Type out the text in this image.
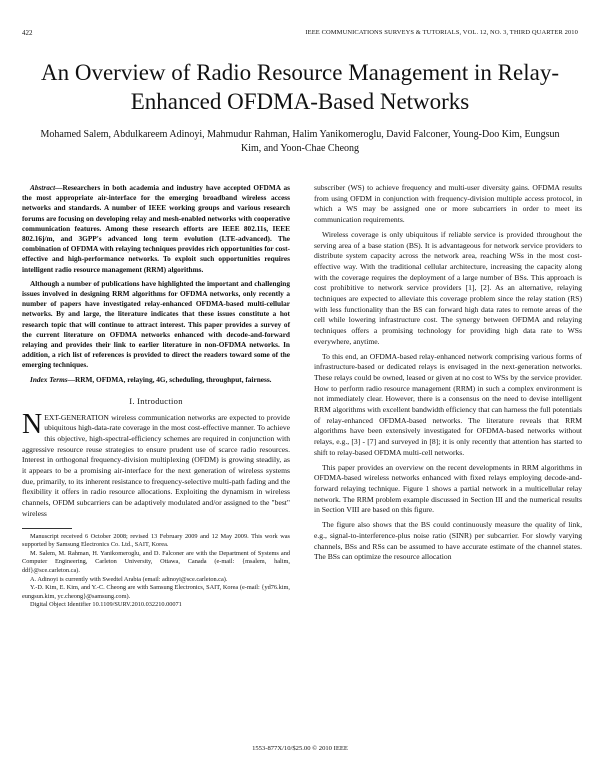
422	IEEE COMMUNICATIONS SURVEYS & TUTORIALS, VOL. 12, NO. 3, THIRD QUARTER 2010
An Overview of Radio Resource Management in Relay-Enhanced OFDMA-Based Networks
Mohamed Salem, Abdulkareem Adinoyi, Mahmudur Rahman, Halim Yanikomeroglu, David Falconer, Young-Doo Kim, Eungsun Kim, and Yoon-Chae Cheong

Abstract—Researchers in both academia and industry have accepted OFDMA as the most appropriate air-interface for the emerging broadband wireless access networks and standards. A number of IEEE working groups and various research forums are focusing on developing relay and mesh-enabled networks with cooperative communication features. Among these research efforts are IEEE 802.11s, IEEE 802.16j/m, and 3GPP's advanced long term evolution (LTE-advanced). The combination of OFDMA with relaying techniques provides rich opportunities for cost-effective and high-performance networks. To exploit such opportunities requires intelligent radio resource management (RRM) algorithms.

Although a number of publications have highlighted the important and challenging issues involved in designing RRM algorithms for OFDMA networks, only recently a number of papers have investigated relay-enhanced OFDMA-based multi-cellular networks. By and large, the literature indicates that these issues constitute a hot research topic that will continue to attract interest. This paper provides a survey of the current literature on OFDMA networks enhanced with decode-and-forward relaying and provides their link to earlier literature in non-OFDMA networks. In addition, a rich list of references is provided to direct the readers toward some of the emerging techniques.

Index Terms—RRM, OFDMA, relaying, 4G, scheduling, throughput, fairness.

I. Introduction

NEXT-GENERATION wireless communication networks are expected to provide ubiquitous high-data-rate coverage in the most cost-effective manner. To achieve this objective, high-spectral-efficiency schemes are required in conjunction with aggressive resource reuse strategies to ensure prudent use of scarce radio resources. Interest in orthogonal frequency-division multiplexing (OFDM) is growing steadily, as it appears to be a promising air-interface for the next generation of wireless systems due, primarily, to its inherent resistance to frequency-selective multi-path fading and the flexibility it offers in radio resource allocations. Exploiting the dynamism in wireless channels, OFDM subcarriers can be adaptively modulated and/or assigned to the "best" wireless

Manuscript received 6 October 2008; revised 13 February 2009 and 12 May 2009. This work was supported by Samsung Electronics Co. Ltd., SAIT, Korea.

M. Salem, M. Rahman, H. Yanikomeroglu, and D. Falconer are with the Department of Systems and Computer Engineering, Carleton University, Ottawa, Canada (e-mail: {msalem, halim, ddf}@sce.carleton.ca).

A. Adinoyi is currently with Swedtel Arabia (email: adinoyi@sce.carleton.ca).

Y.-D. Kim, E. Kim, and Y.-C. Cheong are with Samsung Electronics, SAIT, Korea (e-mail: {yd76.kim, eungsun.kim, yc.cheong}@samsung.com).

Digital Object Identifier 10.1109/SURV.2010.032210.00071

subscriber (WS) to achieve frequency and multi-user diversity gains. OFDMA results from using OFDM in conjunction with frequency-division multiple access protocol, in which a WS may be assigned one or more subcarriers in order to meet its communication requirements.

Wireless coverage is only ubiquitous if reliable service is provided throughout the serving area of a base station (BS). It is advantageous for network service providers to distribute system capacity across the network area, reaching WSs in the most cost-effective way. With the traditional cellular architecture, increasing the capacity along with the coverage requires the deployment of a large number of BSs. This approach is cost prohibitive to network service providers [1], [2]. As an alternative, relaying techniques are expected to alleviate this coverage problem since the relay station (RS) with less functionality than the BS can forward high data rates to remote areas of the cell while lowering infrastructure cost. The synergy between OFDMA and relaying techniques offers a promising technology for providing high data rate to WSs everywhere, anytime.

To this end, an OFDMA-based relay-enhanced network comprising various forms of infrastructure-based or dedicated relays is envisaged in the next-generation networks. These relays could be owned, leased or given at no cost to WSs by the service provider. How to perform radio resource management (RRM) in such a complex environment is not immediately clear. However, there is a consensus on the need to devise intelligent RRM algorithms with excellent bandwidth efficiency that can harness the full potentials of relay-enhanced OFDMA-based networks. The literature reveals that RRM algorithms have been extensively investigated for OFDMA-based networks without relays, e.g., [3] - [7] and surveyed in [8]; it is only recently that attention has started to shift to relay-based OFDMA multi-cell networks.

This paper provides an overview on the recent developments in RRM algorithms in OFDMA-based wireless networks enhanced with fixed relays employing decode-and-forward relaying technique. Figure 1 shows a partial network in a multicellular relay network. The RRM problem example discussed in Section III and the numerical results in Section VIII are based on this figure.

The figure also shows that the BS could continuously measure the quality of link, e.g., signal-to-interference-plus noise ratio (SINR) per subcarrier. For slowly varying channels, BSs and RSs can be assumed to have accurate estimate of the channel states. The BSs can optimize the resource allocation

1553-877X/10/$25.00 © 2010 IEEE
